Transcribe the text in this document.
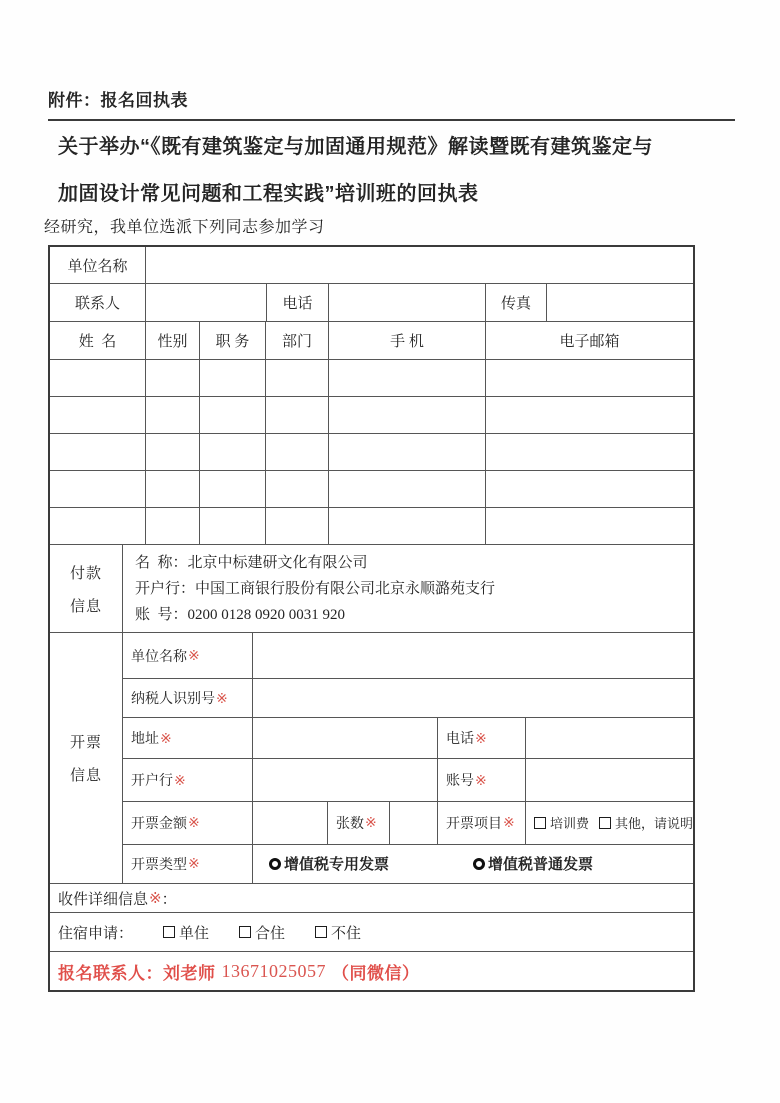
附件：报名回执表
关于举办“《既有建筑鉴定与加固通用规范》解读暨既有建筑鉴定与
加固设计常见问题和工程实践”培训班的回执表
经研究，我单位选派下列同志参加学习
单位名称
联系人	电话	传真
姓  名	性别	职 务	部门	手 机	电子邮箱
付款
信息
名  称：北京中标建研文化有限公司
开户行：中国工商银行股份有限公司北京永顺潞苑支行
账  号：0200 0128 0920 0031 920
开票
信息
单位名称 ※
纳税人识别号 ※
地址 ※	电话 ※
开户行 ※	账号 ※
开票金额 ※	张数 ※	开票项目 ※	培训费 其他，请说明
开票类型 ※	增值税专用发票	增值税普通发票
收件详细信息 ※ ：
住宿申请：	单住	合住	不住
报名联系人：刘老师 13671025057 （同微信）
